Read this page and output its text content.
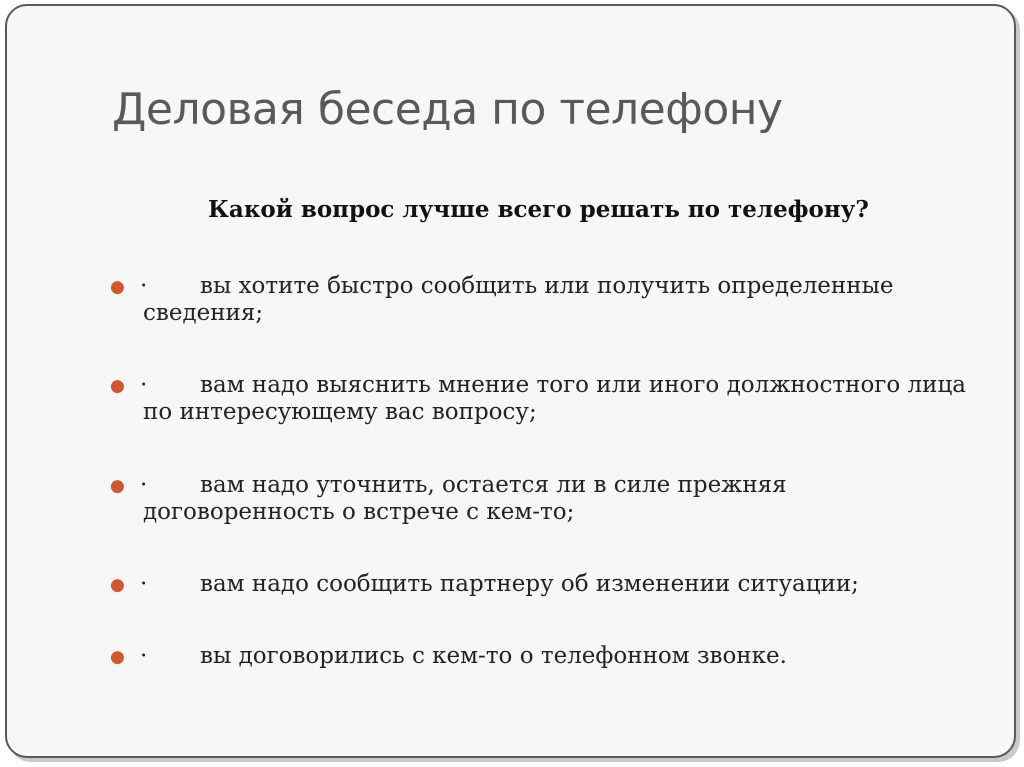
Деловая беседа по телефону
Какой вопрос лучше всего решать по телефону?
● ·	вы хотите быстро сообщить или получить определенные сведения;
● ·	вам надо выяснить мнение того или иного должностного лица по интересующему вас вопросу;
● ·	вам надо уточнить, остается ли в силе прежняя договоренность о встрече с кем-то;
● ·	вам надо сообщить партнеру об изменении ситуации;
● ·	вы договорились с кем-то о телефонном звонке.
